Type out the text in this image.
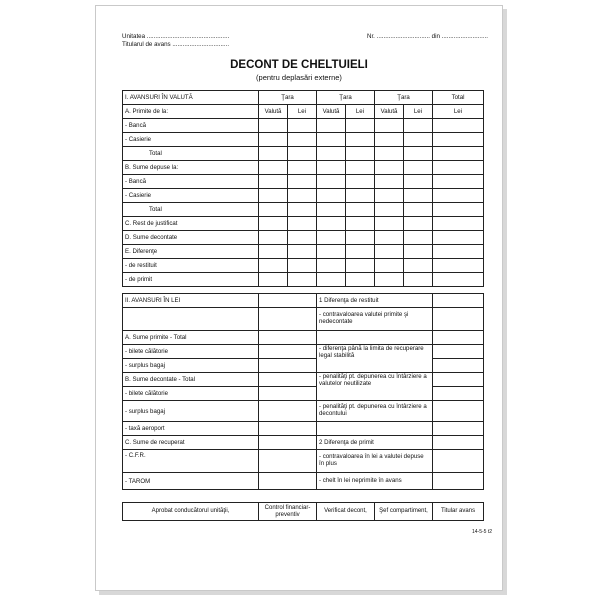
Unitatea ................................................
Titularul de avans .................................
Nr. ............................... din ...........................
DECONT DE CHELTUIELI
(pentru deplasări externe)
I. AVANSURI ÎN VALUTĂ	Ţara		Ţara		Ţara		Total
A. Primite de la:	Valută	Lei	Valută	Lei	Valută	Lei	Lei
- Bancă							
- Casierie							
Total							
B. Sume depuse la:							
- Bancă							
- Casierie							
Total							
C. Rest de justificat							
D. Sume decontate							
E. Diferenţe							
- de restituit							
- de primit							

II. AVANSURI ÎN LEI			1 Diferenţa de restituit				
			- contravaloarea valutei primite şi nedecontate				
A. Sume primite - Total							
- bilete călătorie			- diferenţa până la limita de recuperare legal stabilită				
- surplus bagaj							
B. Sume decontate - Total			- penalităţi pt. depunerea cu întârziere a valutelor neutilizate				
- bilete călătorie							
- surplus bagaj			- penalităţi pt. depunerea cu întârziere a decontului				
- taxă aeroport							
C. Sume de recuperat			2 Diferenţa de primit				
- C.F.R.			- contravaloarea în lei a valutei depuse în plus				
- TAROM			- chelt în lei neprimite în avans				
Aprobat conducătorul unităţii,	Control financiar-preventiv	Verificat decont,	Şef compartiment,	Titular avans
14-5-5 t2
